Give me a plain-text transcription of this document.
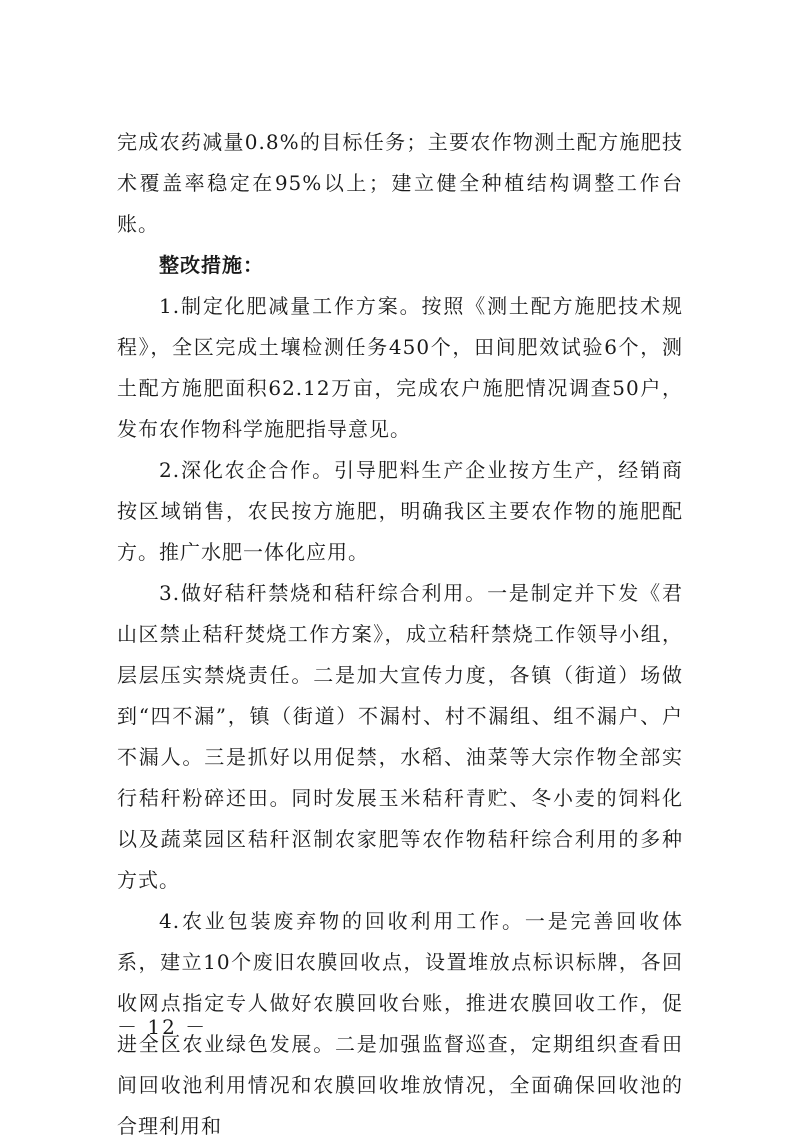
完成农药减量0.8%的目标任务；主要农作物测土配方施肥技术覆盖率稳定在95%以上；建立健全种植结构调整工作台账。

整改措施：

1.制定化肥减量工作方案。按照《测土配方施肥技术规程》，全区完成土壤检测任务450个，田间肥效试验6个，测土配方施肥面积62.12万亩，完成农户施肥情况调查50户，发布农作物科学施肥指导意见。

2.深化农企合作。引导肥料生产企业按方生产，经销商按区域销售，农民按方施肥，明确我区主要农作物的施肥配方。推广水肥一体化应用。

3.做好秸秆禁烧和秸秆综合利用。一是制定并下发《君山区禁止秸秆焚烧工作方案》，成立秸秆禁烧工作领导小组，层层压实禁烧责任。二是加大宣传力度，各镇（街道）场做到“四不漏”，镇（街道）不漏村、村不漏组、组不漏户、户不漏人。三是抓好以用促禁，水稻、油菜等大宗作物全部实行秸秆粉碎还田。同时发展玉米秸秆青贮、冬小麦的饲料化以及蔬菜园区秸秆沤制农家肥等农作物秸秆综合利用的多种方式。

4.农业包装废弃物的回收利用工作。一是完善回收体系，建立10个废旧农膜回收点，设置堆放点标识标牌，各回收网点指定专人做好农膜回收台账，推进农膜回收工作，促进全区农业绿色发展。二是加强监督巡查，定期组织查看田间回收池利用情况和农膜回收堆放情况，全面确保回收池的合理利用和

－ 12 －
